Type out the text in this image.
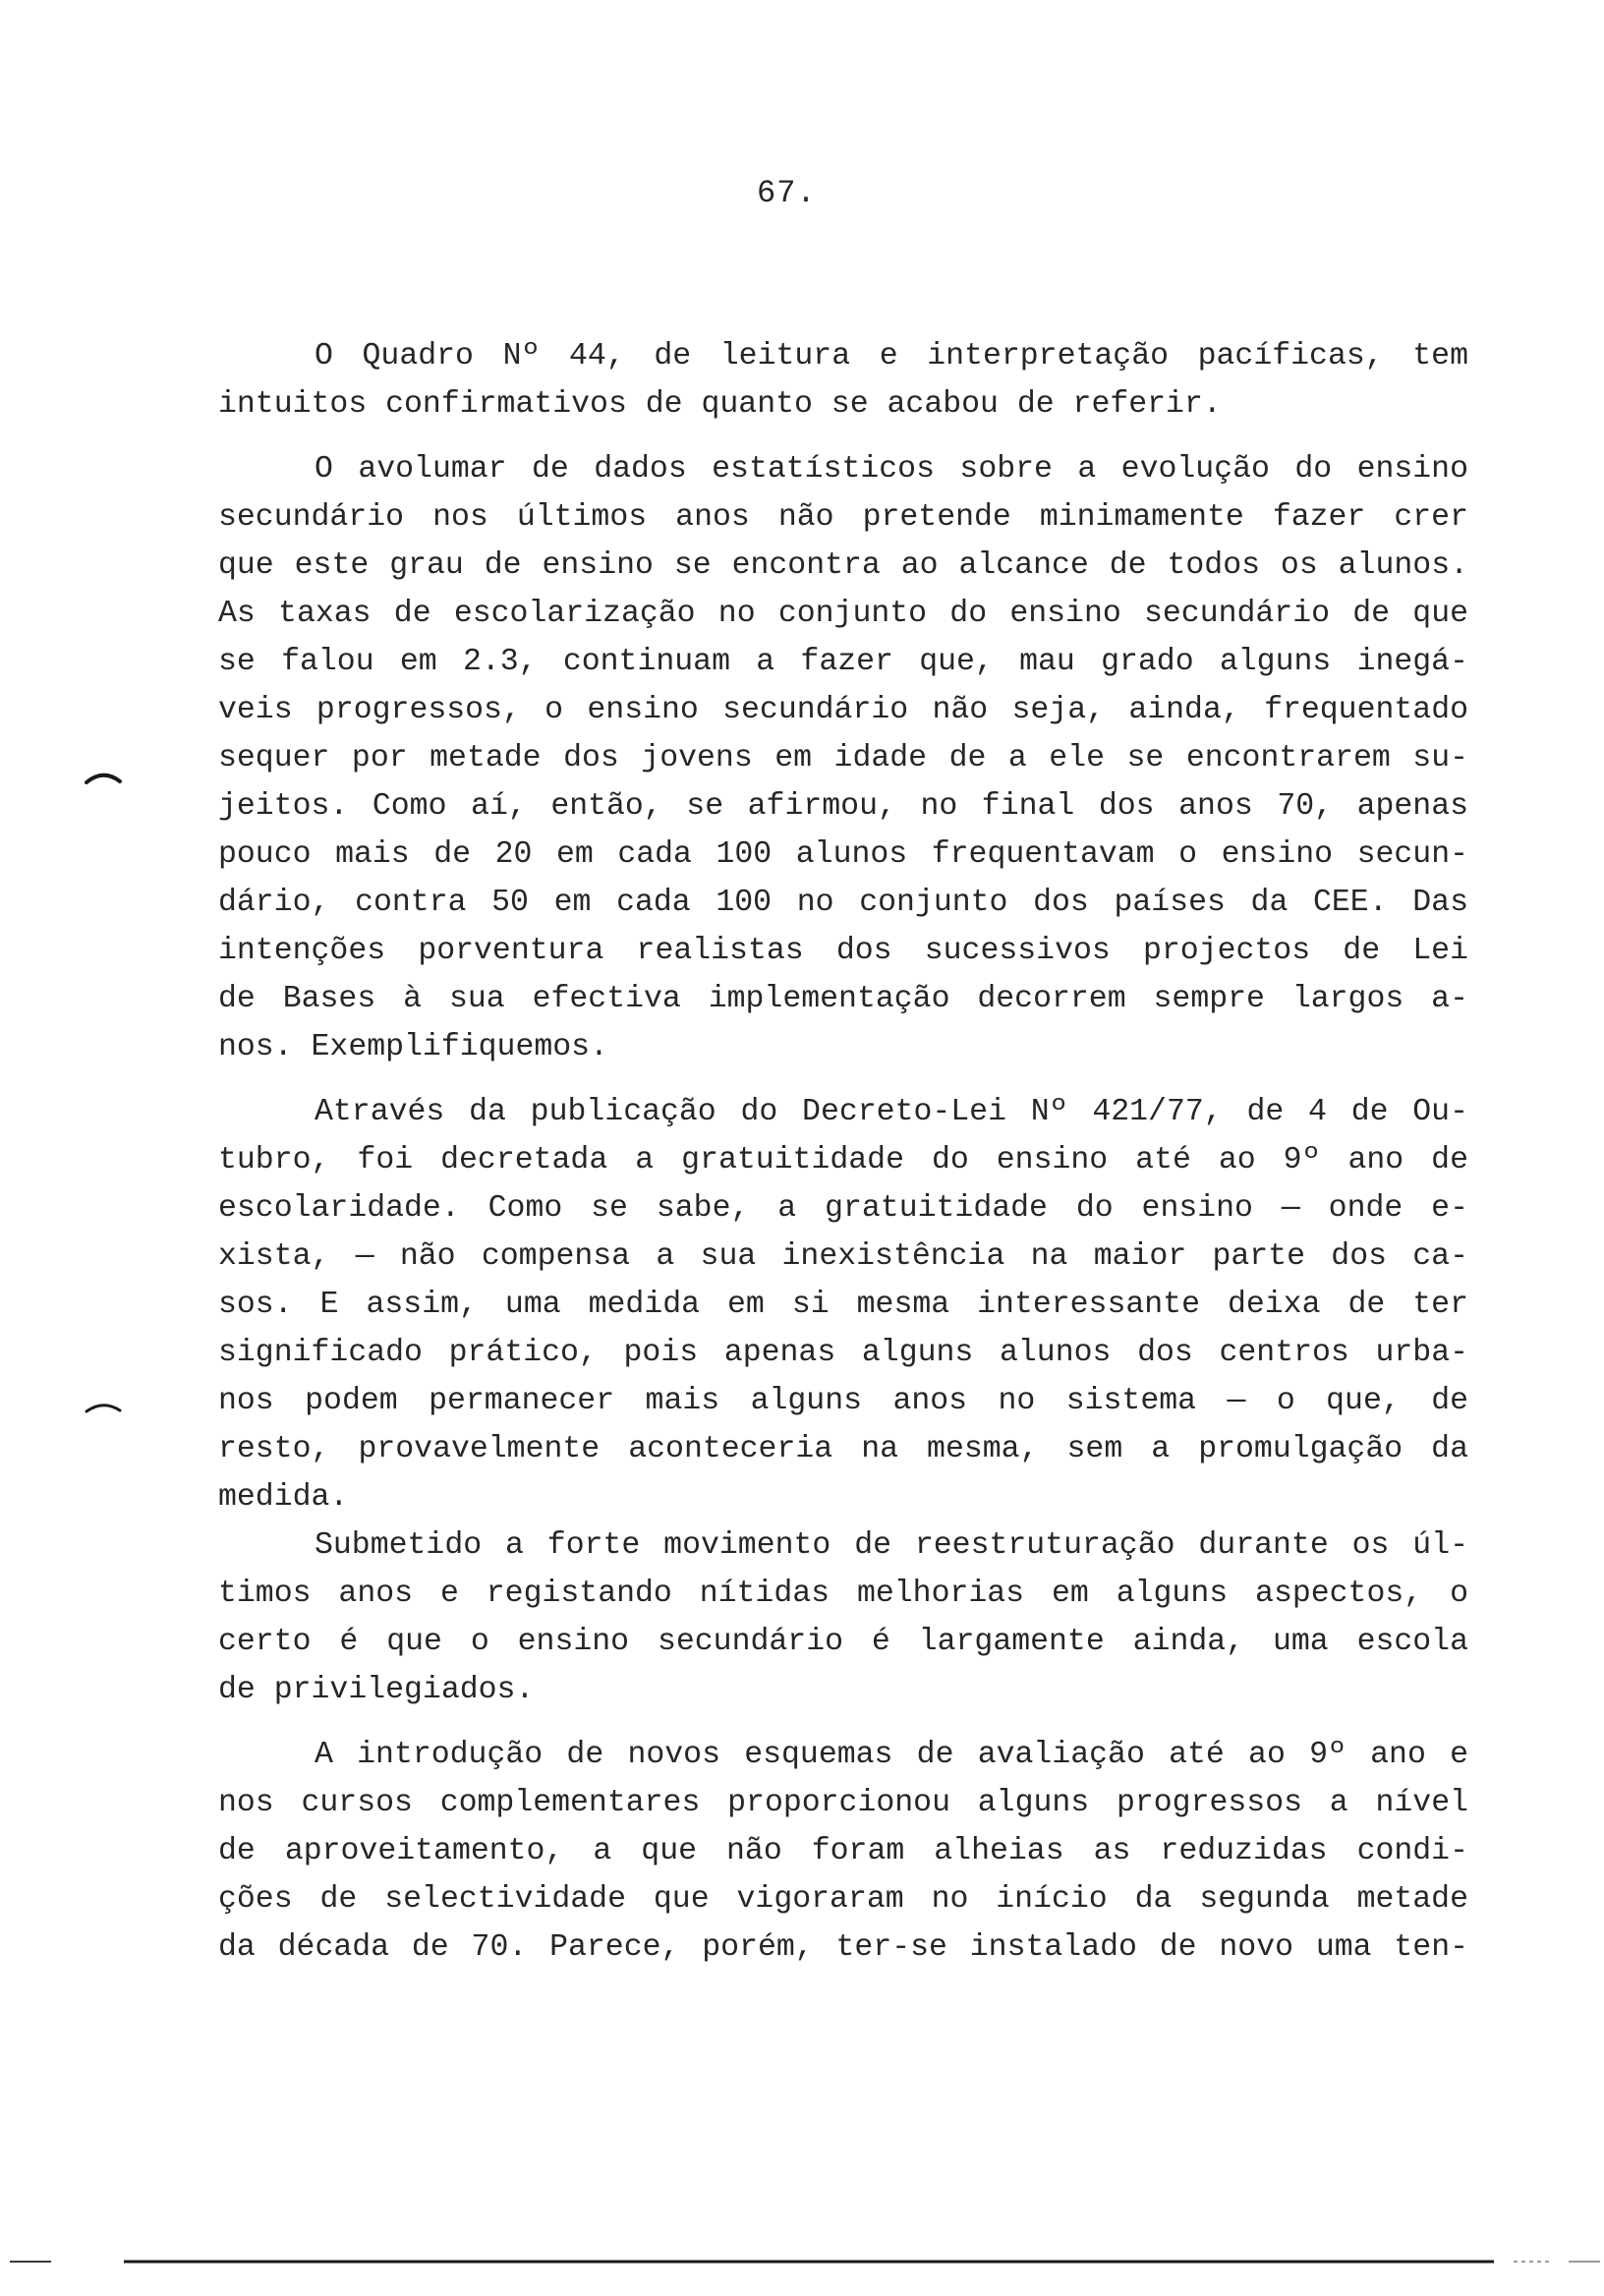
67.

O Quadro Nº 44, de leitura e interpretação pacíficas, tem
intuitos confirmativos de quanto se acabou de referir.

O avolumar de dados estatísticos sobre a evolução do ensino
secundário nos últimos anos não pretende minimamente fazer crer
que este grau de ensino se encontra ao alcance de todos os alunos.
As taxas de escolarização no conjunto do ensino secundário de que
se falou em 2.3, continuam a fazer que, mau grado alguns inegá-
veis progressos, o ensino secundário não seja, ainda, frequentado
sequer por metade dos jovens em idade de a ele se encontrarem su-
jeitos. Como aí, então, se afirmou, no final dos anos 70, apenas
pouco mais de 20 em cada 100 alunos frequentavam o ensino secun-
dário, contra 50 em cada 100 no conjunto dos países da CEE. Das
intenções porventura realistas dos sucessivos projectos de Lei
de Bases à sua efectiva implementação decorrem sempre largos a-
nos. Exemplifiquemos.

Através da publicação do Decreto-Lei Nº 421/77, de 4 de Ou-
tubro, foi decretada a gratuitidade do ensino até ao 9º ano de
escolaridade. Como se sabe, a gratuitidade do ensino — onde e-
xista, — não compensa a sua inexistência na maior parte dos ca-
sos. E assim, uma medida em si mesma interessante deixa de ter
significado prático, pois apenas alguns alunos dos centros urba-
nos podem permanecer mais alguns anos no sistema — o que, de
resto, provavelmente aconteceria na mesma, sem a promulgação da
medida.

Submetido a forte movimento de reestruturação durante os úl-
timos anos e registando nítidas melhorias em alguns aspectos, o
certo é que o ensino secundário é largamente ainda, uma escola
de privilegiados.

A introdução de novos esquemas de avaliação até ao 9º ano e
nos cursos complementares proporcionou alguns progressos a nível
de aproveitamento, a que não foram alheias as reduzidas condi-
ções de selectividade que vigoraram no início da segunda metade
da década de 70. Parece, porém, ter-se instalado de novo uma ten-
